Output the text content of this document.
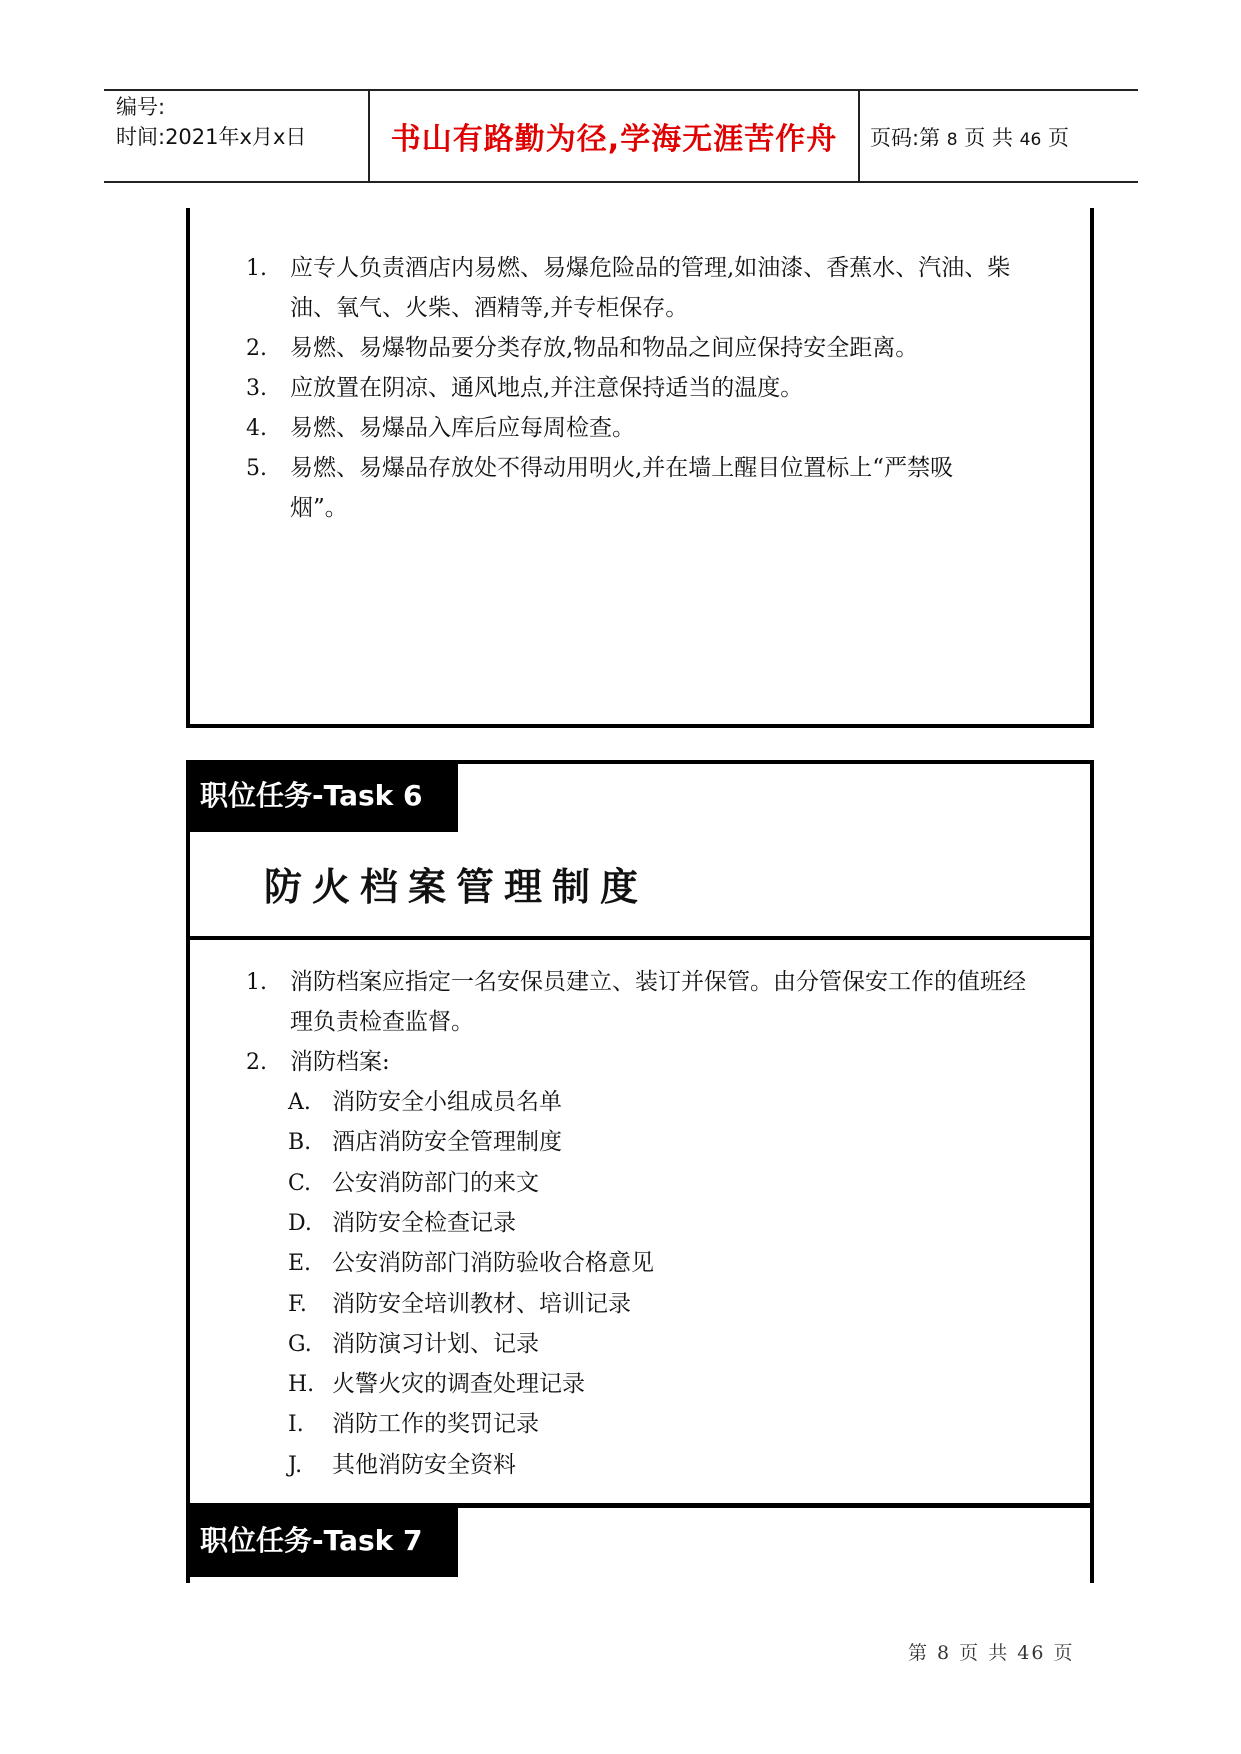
编号:
时间:2021年x月x日	书山有路勤为径,学海无涯苦作舟	页码:第 8 页 共 46 页
1. 应专人负责酒店内易燃、易爆危险品的管理,如油漆、香蕉水、汽油、柴
油、氧气、火柴、酒精等,并专柜保存。
2. 易燃、易爆物品要分类存放,物品和物品之间应保持安全距离。
3. 应放置在阴凉、通风地点,并注意保持适当的温度。
4. 易燃、易爆品入库后应每周检查。
5. 易燃、易爆品存放处不得动用明火,并在墙上醒目位置标上“严禁吸
烟”。
职位任务-Task 6
防火档案管理制度
1. 消防档案应指定一名安保员建立、装订并保管。由分管保安工作的值班经
理负责检查监督。
2. 消防档案:
A. 消防安全小组成员名单
B. 酒店消防安全管理制度
C. 公安消防部门的来文
D. 消防安全检查记录
E. 公安消防部门消防验收合格意见
F. 消防安全培训教材、培训记录
G. 消防演习计划、记录
H. 火警火灾的调查处理记录
I. 消防工作的奖罚记录
J. 其他消防安全资料
职位任务-Task 7
第 8 页 共 46 页
